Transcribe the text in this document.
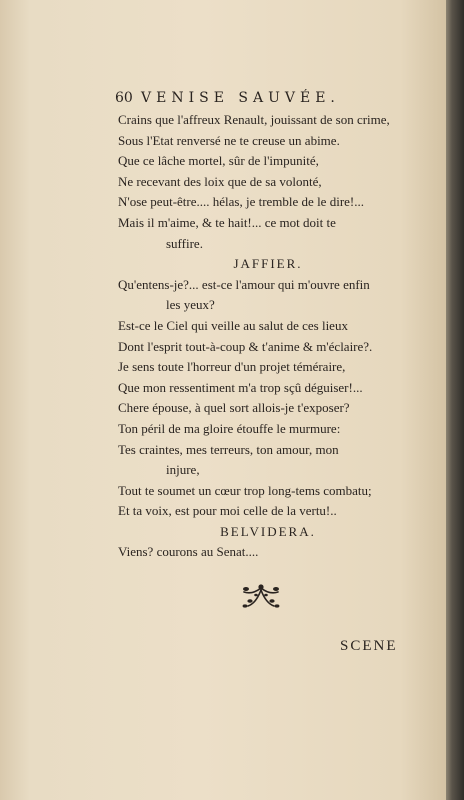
60 VENISE SAUVÉE.
Crains que l'affreux Renault, jouissant de son crime,
Sous l'Etat renversé ne te creuse un abime.
Que ce lâche mortel, sûr de l'impunité,
Ne recevant des loix que de sa volonté,
N'ose peut-être.... hélas, je tremble de le dire!...
Mais il m'aime, & te hait!... ce mot doit te
suffire.
JAFFIER.
Qu'entens-je?... est-ce l'amour qui m'ouvre enfin
les yeux?
Est-ce le Ciel qui veille au salut de ces lieux
Dont l'esprit tout-à-coup & t'anime & m'éclaire?.
Je sens toute l'horreur d'un projet téméraire,
Que mon ressentiment m'a trop sçû déguiser!...
Chere épouse, à quel sort allois-je t'exposer?
Ton péril de ma gloire étouffe le murmure:
Tes craintes, mes terreurs, ton amour, mon
injure,
Tout te soumet un cœur trop long-tems combatu;
Et ta voix, est pour moi celle de la vertu!..
BELVIDERA.
Viens? courons au Senat....
SCENE
